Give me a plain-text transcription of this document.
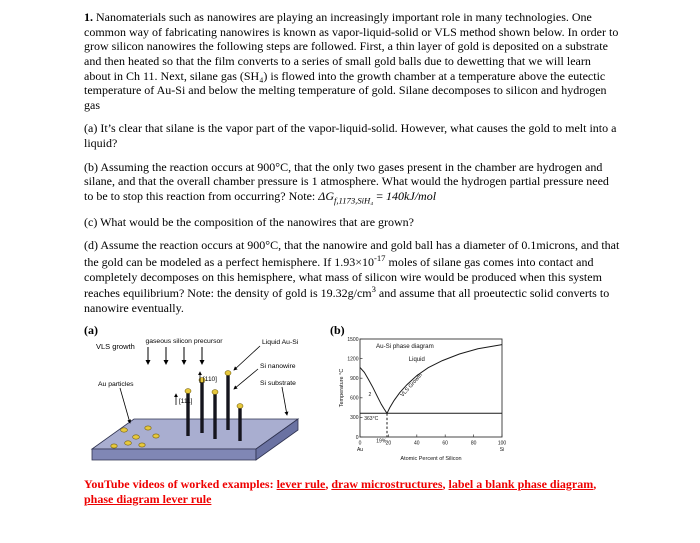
1. Nanomaterials such as nanowires are playing an increasingly important role in many technologies. One common way of fabricating nanowires is known as vapor-liquid-solid or VLS method shown below. In order to grow silicon nanowires the following steps are followed. First, a thin layer of gold is deposited on a substrate and then heated so that the film converts to a series of small gold balls due to dewetting that we will learn about in Ch 11. Next, silane gas (SH₄) is flowed into the growth chamber at a temperature above the eutectic temperature of Au-Si and below the melting temperature of gold. Silane decomposes to silicon and hydrogen gas

(a) It’s clear that silane is the vapor part of the vapor-liquid-solid. However, what causes the gold to melt into a liquid?

(b) Assuming the reaction occurs at 900°C, that the only two gases present in the chamber are hydrogen and silane, and that the overall chamber pressure is 1 atmosphere. What would the hydrogen partial pressure need to be to stop this reaction from occurring? Note: $\Delta G_{f,1173,SiH_4} = 140kJ/mol$

(c) What would be the composition of the nanowires that are grown?

(d) Assume the reaction occurs at 900°C, that the nanowire and gold ball has a diameter of 0.1microns, and that the gold can be modeled as a perfect hemisphere. If $1.93\times 10^{-17}$ moles of silane gas comes into contact and completely decomposes on this hemisphere, what mass of silicon wire would be produced when this system reaches equilibrium? Note: the density of gold is $19.32g/cm^3$ and assume that all proeutectic solid converts to nanowire eventually.

(a)	(b)
VLS growth
gaseous silicon precursor	Liquid Au-Si
Si nanowire
[110]
[111]
Au particles	Si substrate
0	20	40	60	80	100
0
300
600
900
1200
1500
Au	Si
Atomic Percent of Silicon
Temperature °C
Au-Si phase diagram
Liquid
VLS Growth
363°C
19%
2

YouTube videos of worked examples: lever rule, draw microstructures, label a blank phase diagram, phase diagram lever rule
